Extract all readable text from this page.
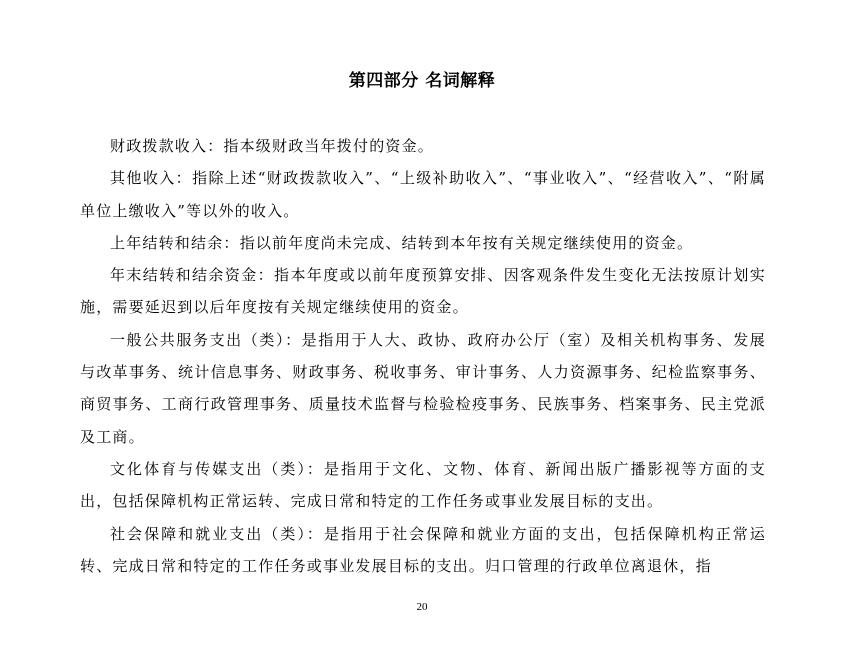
第四部分 名词解释

财政拨款收入：指本级财政当年拨付的资金。

其他收入：指除上述“财政拨款收入”、“上级补助收入”、“事业收入”、“经营收入”、“附属单位上缴收入”等以外的收入。

上年结转和结余：指以前年度尚未完成、结转到本年按有关规定继续使用的资金。

年末结转和结余资金：指本年度或以前年度预算安排、因客观条件发生变化无法按原计划实施，需要延迟到以后年度按有关规定继续使用的资金。

一般公共服务支出（类）：是指用于人大、政协、政府办公厅（室）及相关机构事务、发展与改革事务、统计信息事务、财政事务、税收事务、审计事务、人力资源事务、纪检监察事务、商贸事务、工商行政管理事务、质量技术监督与检验检疫事务、民族事务、档案事务、民主党派及工商。

文化体育与传媒支出（类）：是指用于文化、文物、体育、新闻出版广播影视等方面的支出，包括保障机构正常运转、完成日常和特定的工作任务或事业发展目标的支出。

社会保障和就业支出（类）：是指用于社会保障和就业方面的支出，包括保障机构正常运转、完成日常和特定的工作任务或事业发展目标的支出。归口管理的行政单位离退休，指

20
